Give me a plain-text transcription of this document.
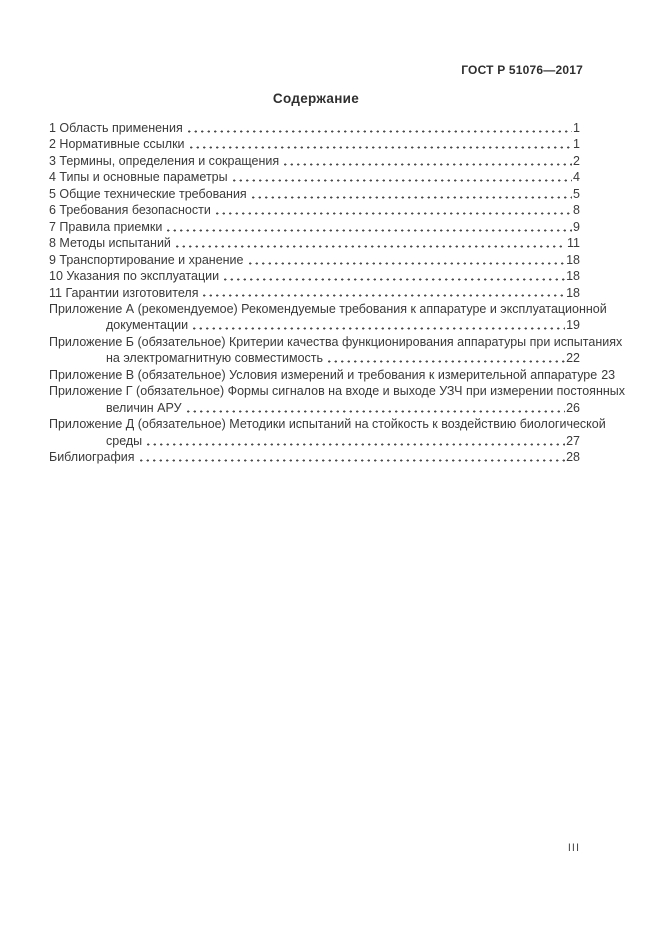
ГОСТ Р 51076—2017
Содержание
1 Область применения	1
2 Нормативные ссылки	1
3 Термины, определения и сокращения	2
4 Типы и основные параметры	4
5 Общие технические требования	5
6 Требования безопасности	8
7 Правила приемки	9
8 Методы испытаний	11
9 Транспортирование и хранение	18
10 Указания по эксплуатации	18
11 Гарантии изготовителя	18
Приложение А (рекомендуемое) Рекомендуемые требования к аппаратуре и эксплуатационной
документации	19
Приложение Б (обязательное) Критерии качества функционирования аппаратуры при испытаниях
на электромагнитную совместимость	22
Приложение В (обязательное) Условия измерений и требования к измерительной аппаратуре 23
Приложение Г (обязательное) Формы сигналов на входе и выходе УЗЧ при измерении постоянных
величин АРУ	26
Приложение Д (обязательное) Методики испытаний на стойкость к воздействию биологической
среды	27
Библиография	28
III
